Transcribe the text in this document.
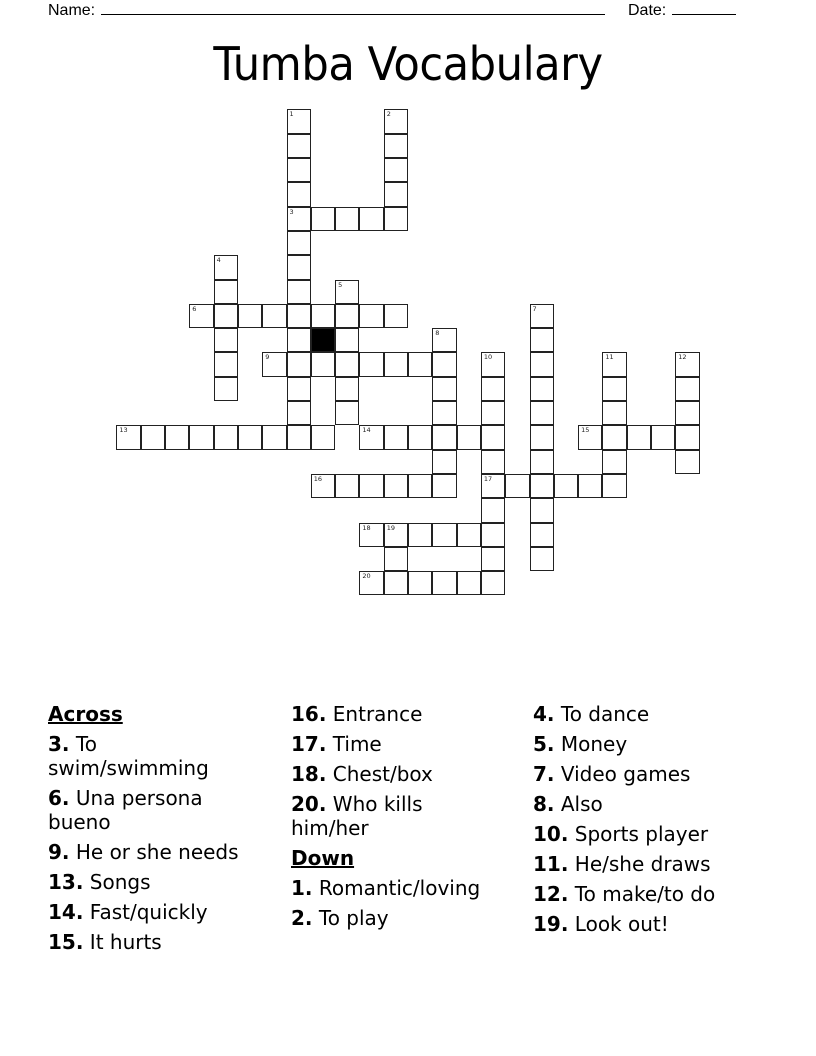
Name:	Date:
Tumba Vocabulary
1
3
2
4
5
6	7
8
9	10
17
11	12
13	14	15
16
18 19
20
Across
3. To swim/swimming
6. Una persona bueno
9. He or she needs
13. Songs
14. Fast/quickly
15. It hurts
16. Entrance
17. Time
18. Chest/box
20. Who kills him/her
Down
1. Romantic/loving
2. To play
4. To dance
5. Money
7. Video games
8. Also
10. Sports player
11. He/she draws
12. To make/to do
19. Look out!
